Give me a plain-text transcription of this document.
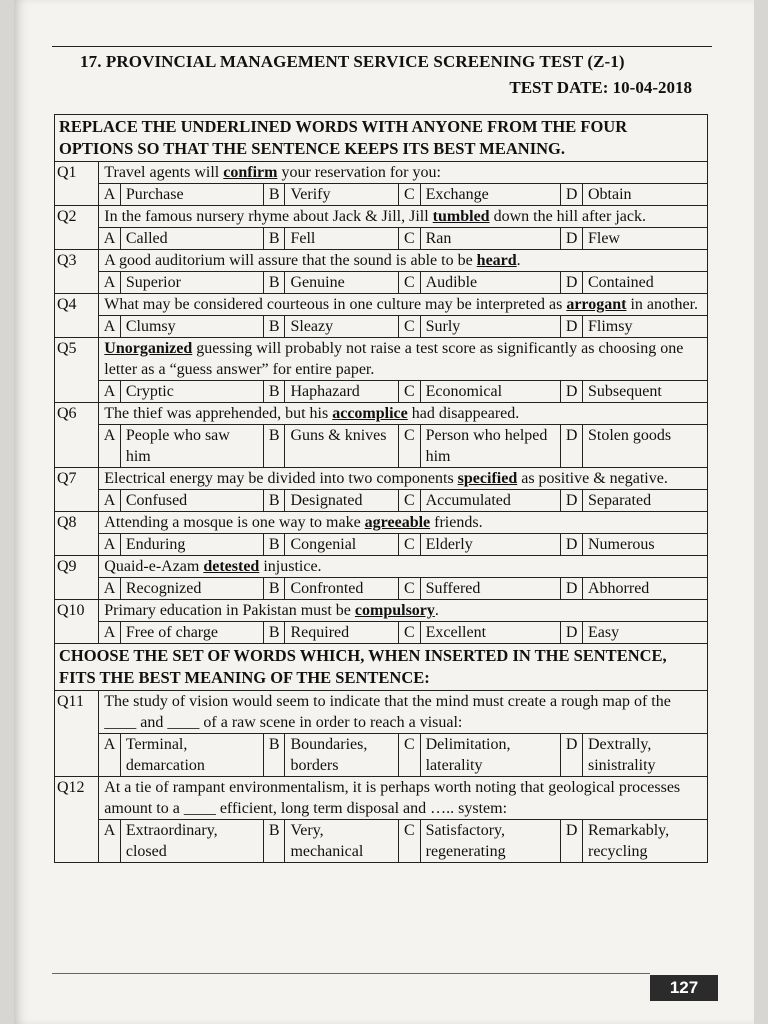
17. PROVINCIAL MANAGEMENT SERVICE SCREENING TEST (Z-1)
TEST DATE: 10-04-2018
REPLACE THE UNDERLINED WORDS WITH ANYONE FROM THE FOUR OPTIONS SO THAT THE SENTENCE KEEPS ITS BEST MEANING.								
Q1	Travel agents will confirm your reservation for you:							
	A	Purchase	B	Verify	C	Exchange	D	Obtain
Q2	In the famous nursery rhyme about Jack & Jill, Jill tumbled down the hill after jack.							
	A	Called	B	Fell	C	Ran	D	Flew
Q3	A good auditorium will assure that the sound is able to be heard.							
	A	Superior	B	Genuine	C	Audible	D	Contained
Q4	What may be considered courteous in one culture may be interpreted as arrogant in another.							
	A	Clumsy	B	Sleazy	C	Surly	D	Flimsy
Q5	Unorganized guessing will probably not raise a test score as significantly as choosing one letter as a “guess answer” for entire paper.							
	A	Cryptic	B	Haphazard	C	Economical	D	Subsequent
Q6	The thief was apprehended, but his accomplice had disappeared.							
	A	People who saw him	B	Guns & knives	C	Person who helped him	D	Stolen goods
Q7	Electrical energy may be divided into two components specified as positive & negative.							
	A	Confused	B	Designated	C	Accumulated	D	Separated
Q8	Attending a mosque is one way to make agreeable friends.							
	A	Enduring	B	Congenial	C	Elderly	D	Numerous
Q9	Quaid-e-Azam detested injustice.							
	A	Recognized	B	Confronted	C	Suffered	D	Abhorred
Q10	Primary education in Pakistan must be compulsory.							
	A	Free of charge	B	Required	C	Excellent	D	Easy
CHOOSE THE SET OF WORDS WHICH, WHEN INSERTED IN THE SENTENCE, FITS THE BEST MEANING OF THE SENTENCE:								
Q11	The study of vision would seem to indicate that the mind must create a rough map of the ____ and ____ of a raw scene in order to reach a visual:							
	A	Terminal, demarcation	B	Boundaries, borders	C	Delimitation, laterality	D	Dextrally, sinistrality
Q12	At a tie of rampant environmentalism, it is perhaps worth noting that geological processes amount to a ____ efficient, long term disposal and ….. system:							
	A	Extraordinary, closed	B	Very, mechanical	C	Satisfactory, regenerating	D	Remarkably, recycling
127
